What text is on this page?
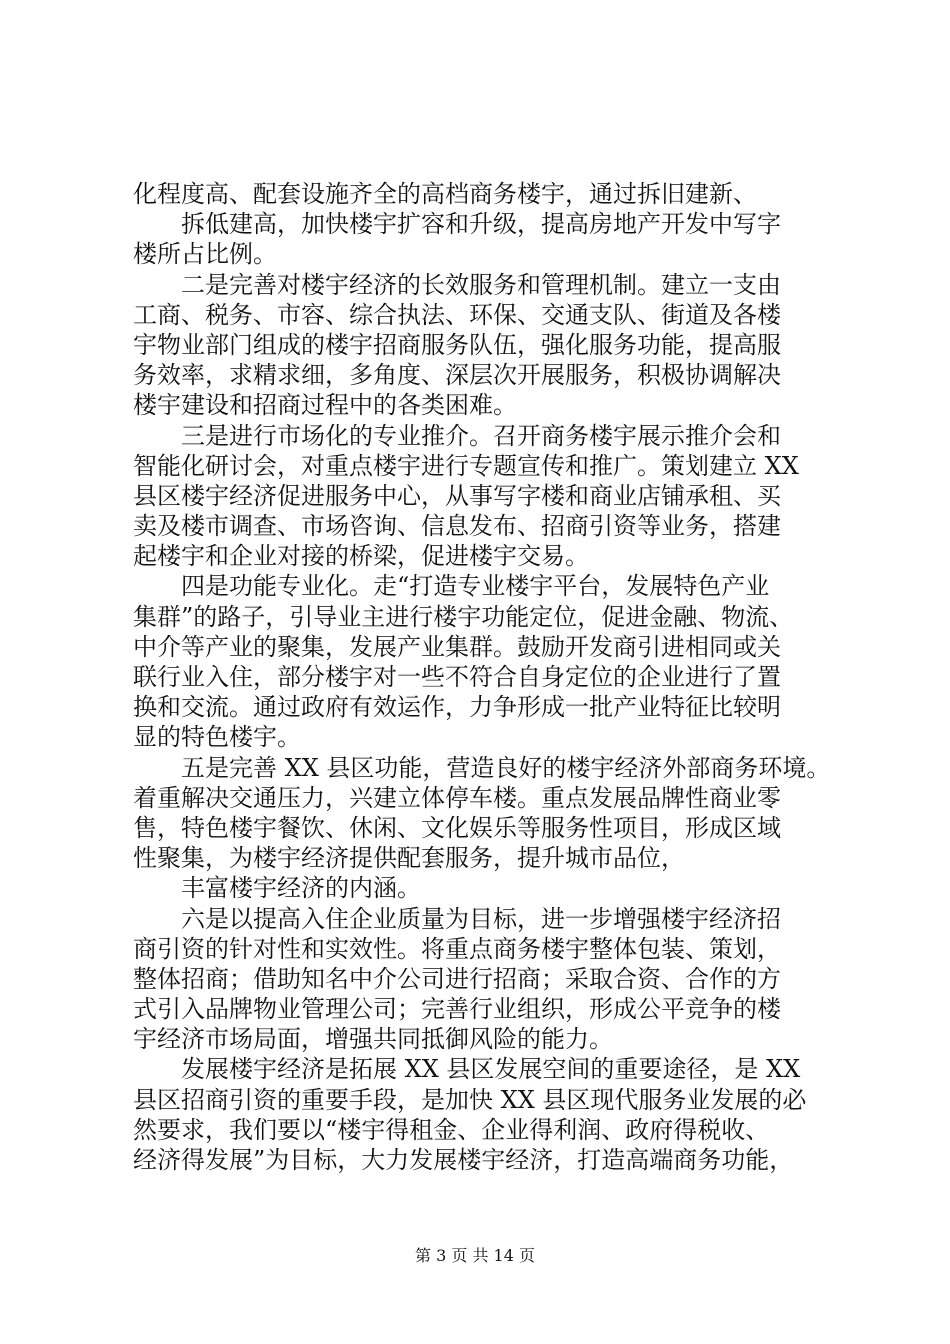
化程度高、配套设施齐全的高档商务楼宇，通过拆旧建新、
拆低建高，加快楼宇扩容和升级，提高房地产开发中写字
楼所占比例。
二是完善对楼宇经济的长效服务和管理机制。建立一支由
工商、税务、市容、综合执法、环保、交通支队、街道及各楼
宇物业部门组成的楼宇招商服务队伍，强化服务功能，提高服
务效率，求精求细，多角度、深层次开展服务，积极协调解决
楼宇建设和招商过程中的各类困难。
三是进行市场化的专业推介。召开商务楼宇展示推介会和
智能化研讨会，对重点楼宇进行专题宣传和推广。策划建立 XX
县区楼宇经济促进服务中心，从事写字楼和商业店铺承租、买
卖及楼市调查、市场咨询、信息发布、招商引资等业务，搭建
起楼宇和企业对接的桥梁，促进楼宇交易。
四是功能专业化。走“打造专业楼宇平台，发展特色产业
集群”的路子，引导业主进行楼宇功能定位，促进金融、物流、
中介等产业的聚集，发展产业集群。鼓励开发商引进相同或关
联行业入住，部分楼宇对一些不符合自身定位的企业进行了置
换和交流。通过政府有效运作，力争形成一批产业特征比较明
显的特色楼宇。
五是完善 XX 县区功能，营造良好的楼宇经济外部商务环境。
着重解决交通压力，兴建立体停车楼。重点发展品牌性商业零
售，特色楼宇餐饮、休闲、文化娱乐等服务性项目，形成区域
性聚集，为楼宇经济提供配套服务，提升城市品位，
丰富楼宇经济的内涵。
六是以提高入住企业质量为目标，进一步增强楼宇经济招
商引资的针对性和实效性。将重点商务楼宇整体包装、策划，
整体招商；借助知名中介公司进行招商；采取合资、合作的方
式引入品牌物业管理公司；完善行业组织，形成公平竞争的楼
宇经济市场局面，增强共同抵御风险的能力。
发展楼宇经济是拓展 XX 县区发展空间的重要途径，是 XX
县区招商引资的重要手段，是加快 XX 县区现代服务业发展的必
然要求，我们要以“楼宇得租金、企业得利润、政府得税收、
经济得发展”为目标，大力发展楼宇经济，打造高端商务功能，
第 3 页 共 14 页
